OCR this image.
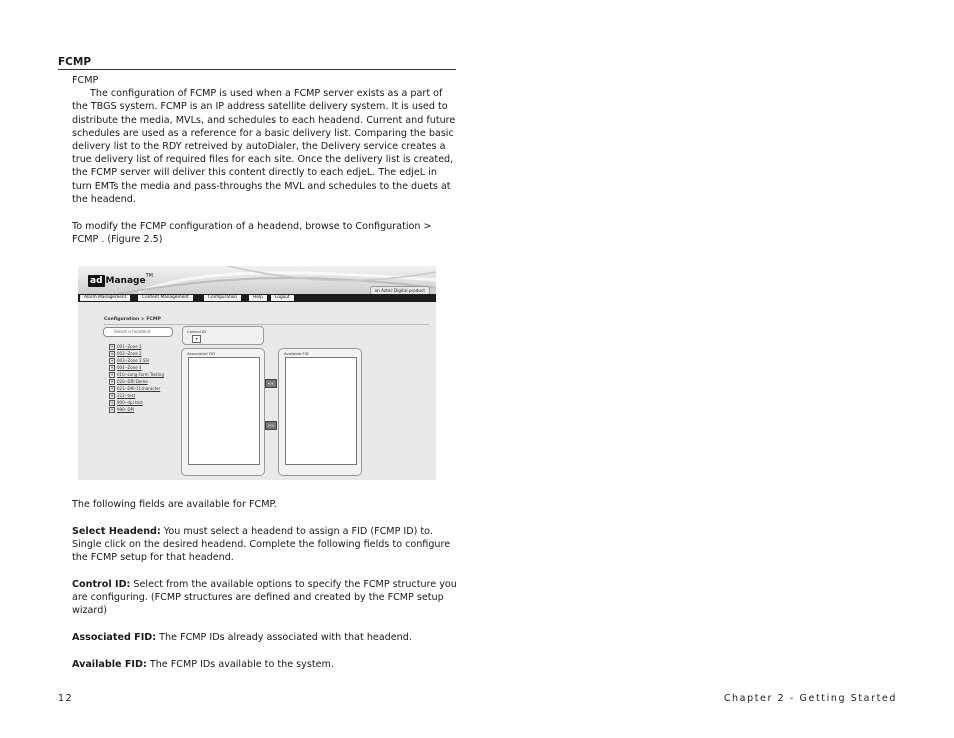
FCMP
FCMP
The configuration of FCMP is used when a FCMP server exists as a part of the TBGS system. FCMP is an IP address satellite delivery system. It is used to distribute the media, MVLs, and schedules to each headend. Current and future schedules are used as a reference for a basic delivery list. Comparing the basic delivery list to the RDY retreived by autoDialer, the Delivery service creates a true delivery list of required files for each site. Once the delivery list is created, the FCMP server will deliver this content directly to each edjeL. The edjeL in turn EMTs the media and pass-throughs the MVL and schedules to the duets at the headend.
To modify the FCMP configuration of a headend, browse to Configuration > FCMP . (Figure 2.5)
ad Manage TM
an Aztec Digital product
Alarm Management	Content Management	Configuration	Help	Logout
Configuration > FCMP
Select a headend	Control ID
▾
+ 001--Zone 1
+ 002--Zone 2
+ 003--Zone 3 SSI
+ 004--Zone 4
+ 010--Long Form Testing
+ 020--DRI Demo
+ 021--DRI-11character
+ 222--test
+ 900--dpi test
+ 990--DPI
Associated FID
<<
>>
Available FID
The following fields are available for FCMP.
Select Headend: You must select a headend to assign a FID (FCMP ID) to. Single click on the desired headend. Complete the following fields to configure the FCMP setup for that headend.
Control ID: Select from the available options to specify the FCMP structure you are configuring. (FCMP structures are defined and created by the FCMP setup wizard)
Associated FID: The FCMP IDs already associated with that headend.
Available FID: The FCMP IDs available to the system.
12	Chapter 2 - Getting Started
